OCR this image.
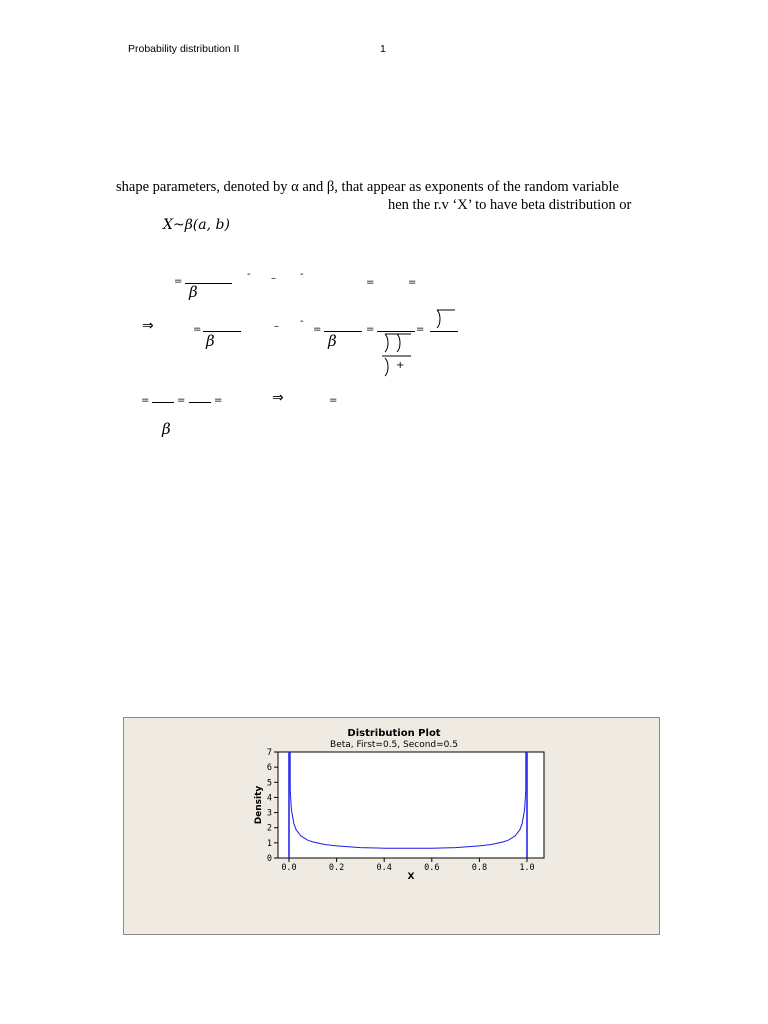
Probability distribution II	1
shape parameters, denoted by α and β, that appear as exponents of the random variable
hen the r.v ‘X’ to have beta distribution or
X~β(a, b)
=
β
- – -
=	=
⇒	=
β
– -
=
β
=	=
+
=	=	=	⇒	=
β
Distribution Plot
Beta, First=0.5, Second=0.5
0
1
2
3
4
5
6
7
0.0	0.2	0.4	0.6	0.8	1.0
X
Density
